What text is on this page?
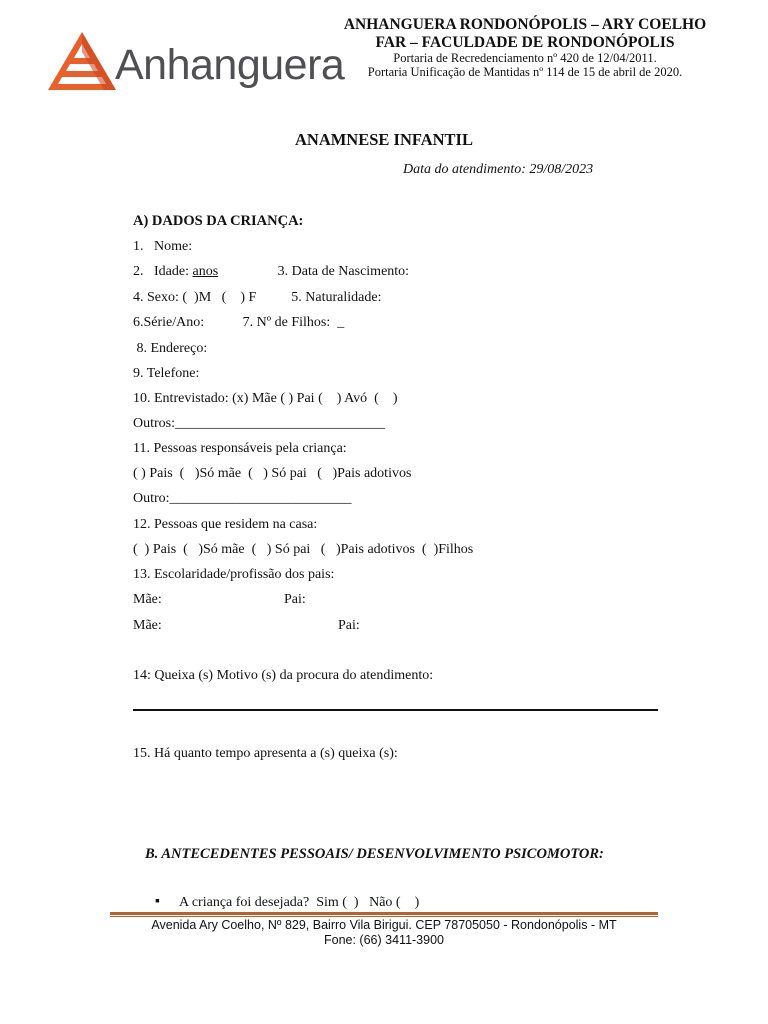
Anhanguera
ANHANGUERA RONDONÓPOLIS – ARY COELHO
FAR – FACULDADE DE RONDONÓPOLIS
Portaria de Recredenciamento nº 420 de 12/04/2011.
Portaria Unificação de Mantidas nº 114 de 15 de abril de 2020.
ANAMNESE INFANTIL
Data do atendimento: 29/08/2023
A) DADOS DA CRIANÇA:
1.   Nome:
2.   Idade: anos                 3. Data de Nascimento:
4. Sexo: (  )M   (    ) F          5. Naturalidade:
6.Série/Ano:           7. Nº de Filhos:  _
8. Endereço:
9. Telefone:
10. Entrevistado: (x) Mãe ( ) Pai (    ) Avó  (    )
Outros:______________________________
11. Pessoas responsáveis pela criança:
( ) Pais  (   )Só mãe  (   ) Só pai   (   )Pais adotivos
Outro:__________________________
12. Pessoas que residem na casa:
(  ) Pais  (   )Só mãe  (   ) Só pai   (   )Pais adotivos  (  )Filhos
13. Escolaridade/profissão dos pais:
Mãe:	Pai:
Mãe:	Pai:
14: Queixa (s) Motivo (s) da procura do atendimento:
15. Há quanto tempo apresenta a (s) queixa (s):
B. ANTECEDENTES PESSOAIS/ DESENVOLVIMENTO PSICOMOTOR:
▪ A criança foi desejada?  Sim (  )   Não (    )
Avenida Ary Coelho, Nº 829, Bairro Vila Birigui. CEP 78705050 - Rondonópolis - MT
Fone: (66) 3411-3900
